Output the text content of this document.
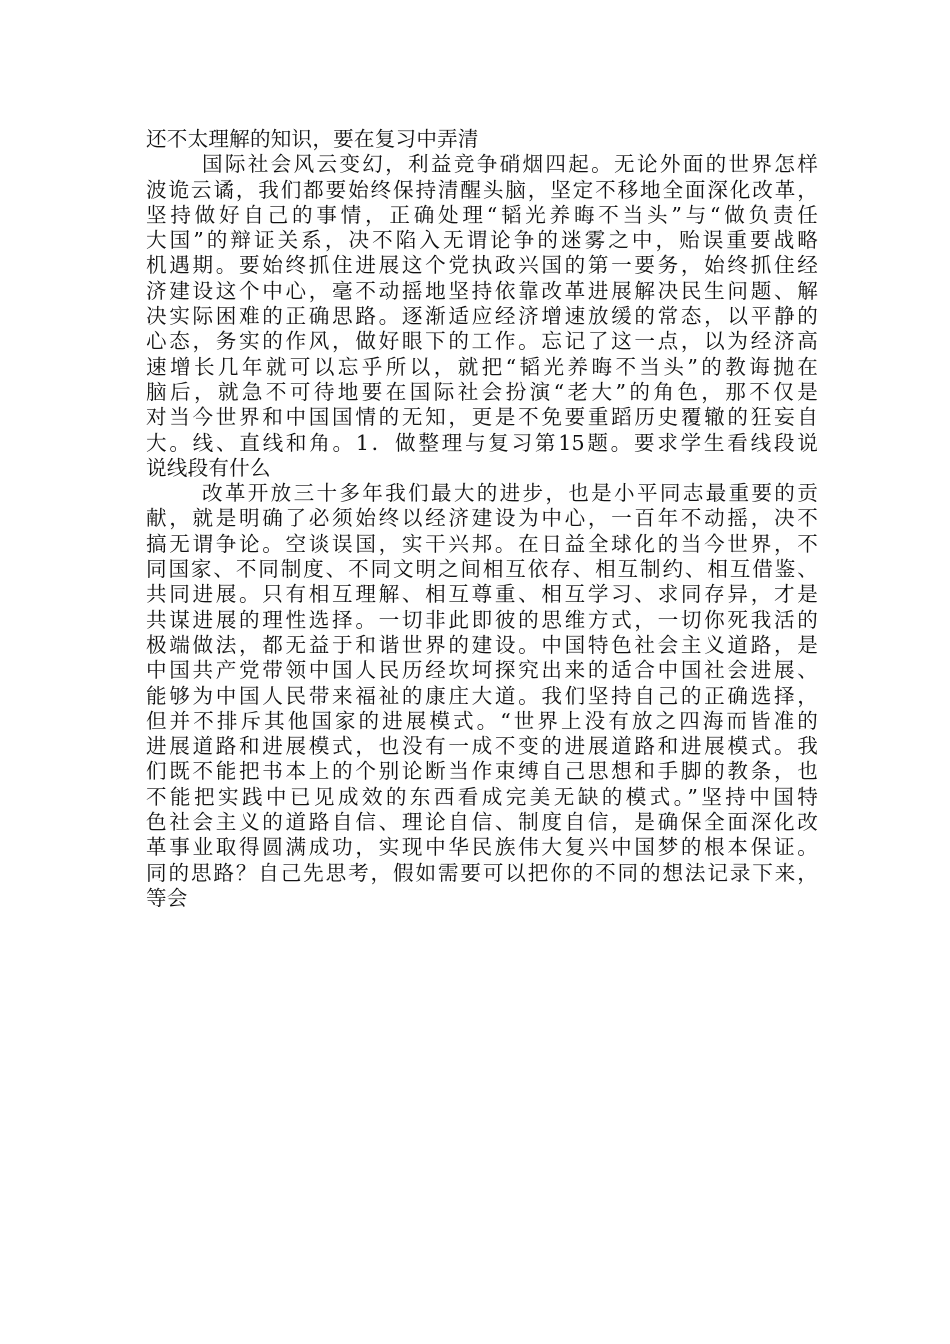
还不太理解的知识，要在复习中弄清
国际社会风云变幻，利益竞争硝烟四起。无论外面的世界怎样
波诡云谲，我们都要始终保持清醒头脑，坚定不移地全面深化改革，
坚持做好自己的事情，正确处理“韬光养晦不当头”与“做负责任
大国”的辩证关系，决不陷入无谓论争的迷雾之中，贻误重要战略
机遇期。要始终抓住进展这个党执政兴国的第一要务，始终抓住经
济建设这个中心，毫不动摇地坚持依靠改革进展解决民生问题、解
决实际困难的正确思路。逐渐适应经济增速放缓的常态，以平静的
心态，务实的作风，做好眼下的工作。忘记了这一点，以为经济高
速增长几年就可以忘乎所以，就把“韬光养晦不当头”的教诲抛在
脑后，就急不可待地要在国际社会扮演“老大”的角色，那不仅是
对当今世界和中国国情的无知，更是不免要重蹈历史覆辙的狂妄自
大。线、直线和角。1．做整理与复习第15题。要求学生看线段说
说线段有什么
改革开放三十多年我们最大的进步，也是小平同志最重要的贡
献，就是明确了必须始终以经济建设为中心，一百年不动摇，决不
搞无谓争论。空谈误国，实干兴邦。在日益全球化的当今世界，不
同国家、不同制度、不同文明之间相互依存、相互制约、相互借鉴、
共同进展。只有相互理解、相互尊重、相互学习、求同存异，才是
共谋进展的理性选择。一切非此即彼的思维方式，一切你死我活的
极端做法，都无益于和谐世界的建设。中国特色社会主义道路，是
中国共产党带领中国人民历经坎坷探究出来的适合中国社会进展、
能够为中国人民带来福祉的康庄大道。我们坚持自己的正确选择，
但并不排斥其他国家的进展模式。“世界上没有放之四海而皆准的
进展道路和进展模式，也没有一成不变的进展道路和进展模式。我
们既不能把书本上的个别论断当作束缚自己思想和手脚的教条，也
不能把实践中已见成效的东西看成完美无缺的模式。”坚持中国特
色社会主义的道路自信、理论自信、制度自信，是确保全面深化改
革事业取得圆满成功，实现中华民族伟大复兴中国梦的根本保证。
同的思路？自己先思考，假如需要可以把你的不同的想法记录下来，
等会
